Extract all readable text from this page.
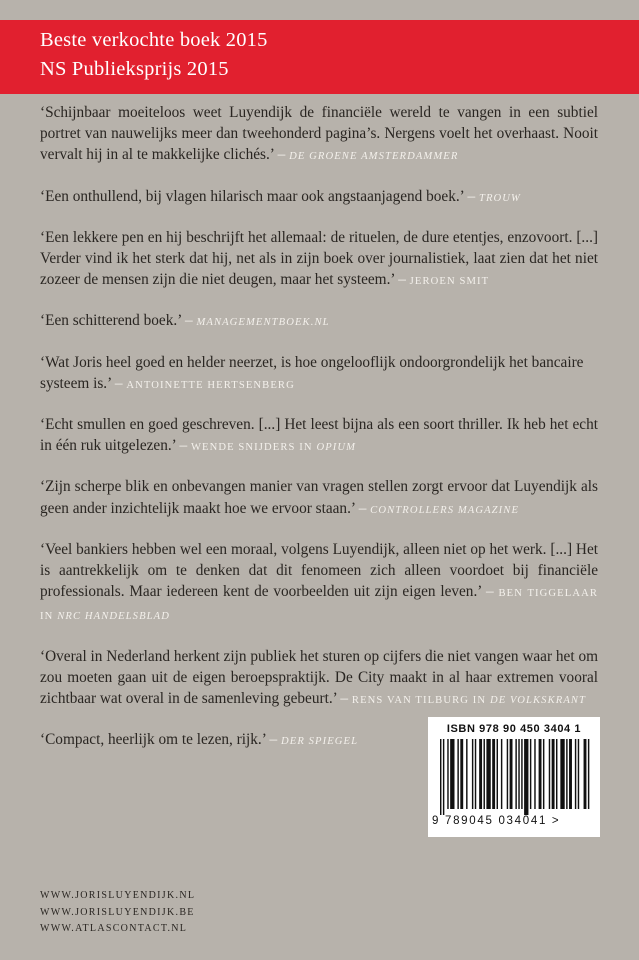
Beste verkochte boek 2015
NS Publieksprijs 2015

‘Schijnbaar moeiteloos weet Luyendijk de financiële wereld te vangen in een subtiel portret van nauwelijks meer dan tweehonderd pagina’s. Nergens voelt het overhaast. Nooit vervalt hij in al te makkelijke clichés.’ – DE GROENE AMSTERDAMMER

‘Een onthullend, bij vlagen hilarisch maar ook angstaanjagend boek.’ – TROUW

‘Een lekkere pen en hij beschrijft het allemaal: de rituelen, de dure etentjes, enzovoort. [...] Verder vind ik het sterk dat hij, net als in zijn boek over journalistiek, laat zien dat het niet zozeer de mensen zijn die niet deugen, maar het systeem.’ – JEROEN SMIT

‘Een schitterend boek.’ – MANAGEMENTBOEK.NL

‘Wat Joris heel goed en helder neerzet, is hoe ongelooflijk ondoorgrondelijk het bancaire systeem is.’ – ANTOINETTE HERTSENBERG

‘Echt smullen en goed geschreven. [...] Het leest bijna als een soort thriller. Ik heb het echt in één ruk uitgelezen.’ – WENDE SNIJDERS IN OPIUM

‘Zijn scherpe blik en onbevangen manier van vragen stellen zorgt ervoor dat Luyendijk als geen ander inzichtelijk maakt hoe we ervoor staan.’ – CONTROLLERS MAGAZINE

‘Veel bankiers hebben wel een moraal, volgens Luyendijk, alleen niet op het werk. [...] Het is aantrekkelijk om te denken dat dit fenomeen zich alleen voordoet bij financiële professionals. Maar iedereen kent de voorbeelden uit zijn eigen leven.’ – BEN TIGGELAAR IN NRC HANDELSBLAD

‘Overal in Nederland herkent zijn publiek het sturen op cijfers die niet vangen waar het om zou moeten gaan uit de eigen beroepspraktijk. De City maakt in al haar extremen vooral zichtbaar wat overal in de samenleving gebeurt.’ – RENS VAN TILBURG IN DE VOLKSKRANT

‘Compact, heerlijk om te lezen, rijk.’ – DER SPIEGEL

ISBN 978 90 450 3404 1
9 789045 034041 >
WWW.JORISLUYENDIJK.NL
WWW.JORISLUYENDIJK.BE
WWW.ATLASCONTACT.NL
